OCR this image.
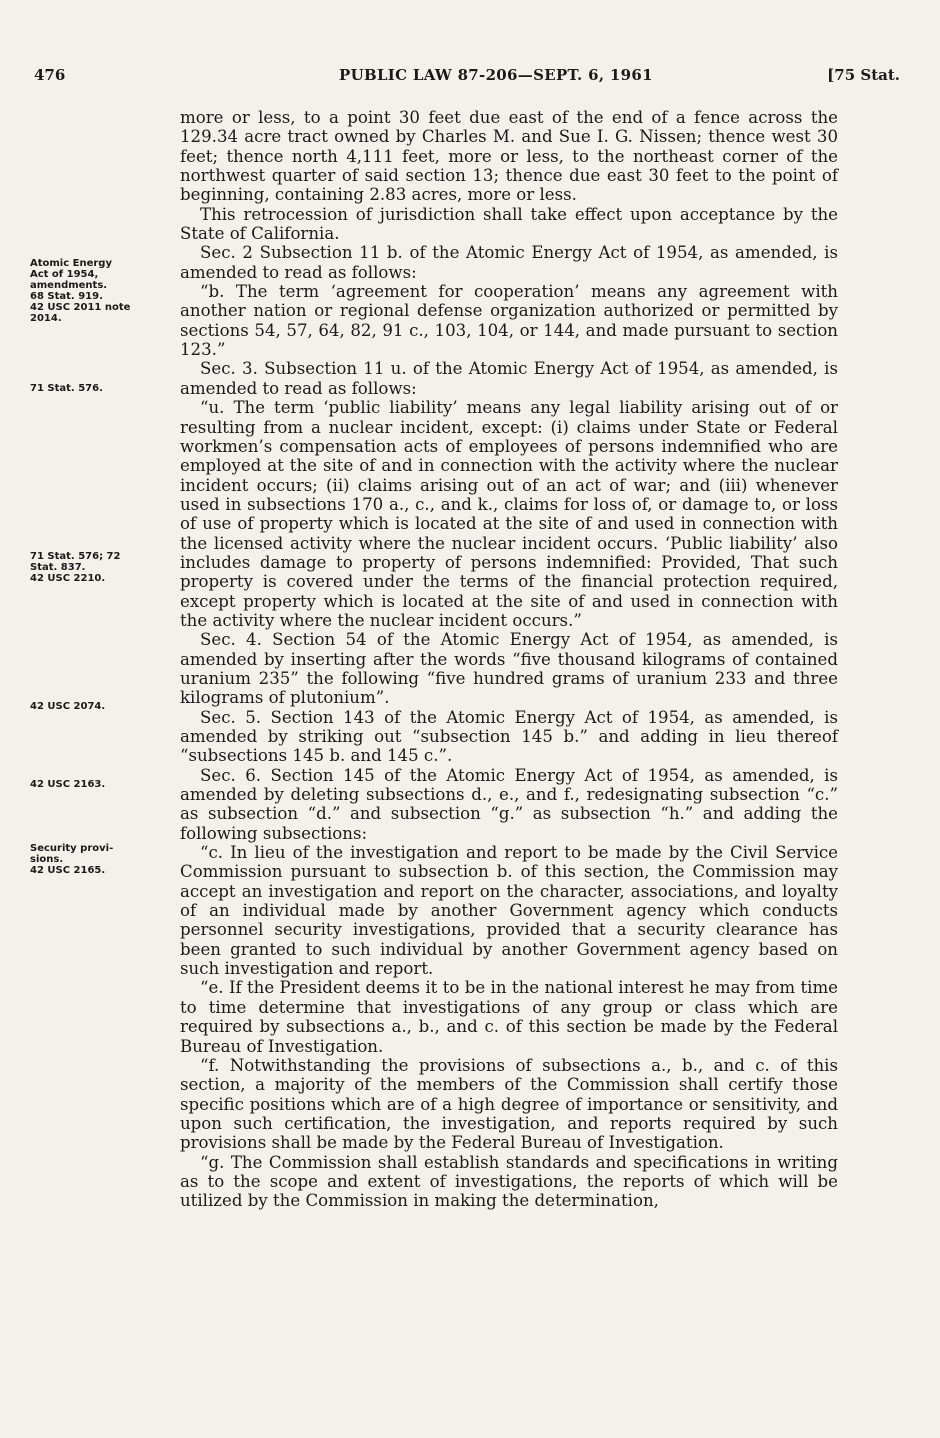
476	PUBLIC LAW 87-206—SEPT. 6, 1961	[75 Stat.
Atomic Energy
Act of 1954,
amendments.
68 Stat. 919.
42 USC 2011 note
2014.
71 Stat. 576.
71 Stat. 576; 72
Stat. 837.
42 USC 2210.
42 USC 2074.
42 USC 2163.
Security provi-
sions.
42 USC 2165.

more or less, to a point 30 feet due east of the end of a fence across the 129.34 acre tract owned by Charles M. and Sue I. G. Nissen; thence west 30 feet; thence north 4,111 feet, more or less, to the northeast corner of the northwest quarter of said section 13; thence due east 30 feet to the point of beginning, containing 2.83 acres, more or less.

This retrocession of jurisdiction shall take effect upon acceptance by the State of California.

Sec. 2 Subsection 11 b. of the Atomic Energy Act of 1954, as amended, is amended to read as follows:

“b. The term ‘agreement for cooperation’ means any agreement with another nation or regional defense organization authorized or permitted by sections 54, 57, 64, 82, 91 c., 103, 104, or 144, and made pursuant to section 123.”

Sec. 3. Subsection 11 u. of the Atomic Energy Act of 1954, as amended, is amended to read as follows:

“u. The term ‘public liability’ means any legal liability arising out of or resulting from a nuclear incident, except: (i) claims under State or Federal workmen’s compensation acts of employees of persons indemnified who are employed at the site of and in connection with the activity where the nuclear incident occurs; (ii) claims arising out of an act of war; and (iii) whenever used in subsections 170 a., c., and k., claims for loss of, or damage to, or loss of use of property which is located at the site of and used in connection with the licensed activity where the nuclear incident occurs. ‘Public liability’ also includes damage to property of persons indemnified: Provided, That such property is covered under the terms of the financial protection required, except property which is located at the site of and used in connection with the activity where the nuclear incident occurs.”

Sec. 4. Section 54 of the Atomic Energy Act of 1954, as amended, is amended by inserting after the words “five thousand kilograms of contained uranium 235” the following “five hundred grams of uranium 233 and three kilograms of plutonium”.

Sec. 5. Section 143 of the Atomic Energy Act of 1954, as amended, is amended by striking out “subsection 145 b.” and adding in lieu thereof “subsections 145 b. and 145 c.”.

Sec. 6. Section 145 of the Atomic Energy Act of 1954, as amended, is amended by deleting subsections d., e., and f., redesignating subsection “c.” as subsection “d.” and subsection “g.” as subsection “h.” and adding the following subsections:

“c. In lieu of the investigation and report to be made by the Civil Service Commission pursuant to subsection b. of this section, the Commission may accept an investigation and report on the character, associations, and loyalty of an individual made by another Government agency which conducts personnel security investigations, provided that a security clearance has been granted to such individual by another Government agency based on such investigation and report.

“e. If the President deems it to be in the national interest he may from time to time determine that investigations of any group or class which are required by subsections a., b., and c. of this section be made by the Federal Bureau of Investigation.

“f. Notwithstanding the provisions of subsections a., b., and c. of this section, a majority of the members of the Commission shall certify those specific positions which are of a high degree of importance or sensitivity, and upon such certification, the investigation, and reports required by such provisions shall be made by the Federal Bureau of Investigation.

“g. The Commission shall establish standards and specifications in writing as to the scope and extent of investigations, the reports of which will be utilized by the Commission in making the determination,
